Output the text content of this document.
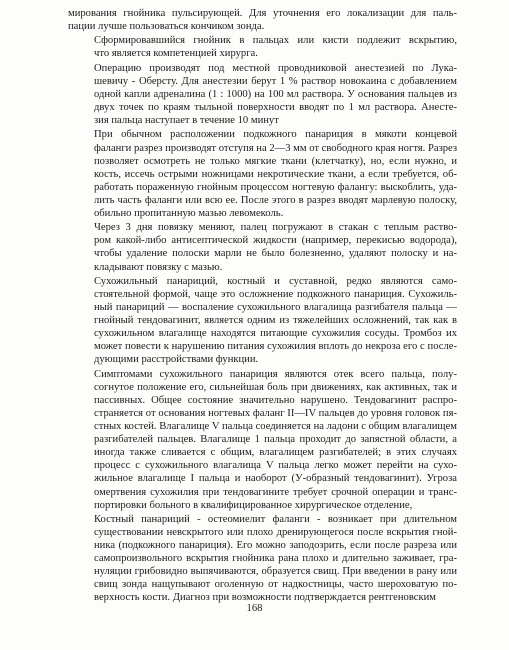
мирования гнойника пульсирующей. Для уточнения его локализации для паль-
пации лучше пользоваться кончиком зонда.
Сформировавшийся гнойник в пальцах или кисти подлежит вскрытию,
что является компетенцией хирурга.
Операцию производят под местной проводниковой анестезией по Лука-
шевичу - Оберсту. Для анестезии берут 1 % раствор новокаина с добавлением
одной капли адреналина (1 : 1000) на 100 мл раствора. У основания пальцев из
двух точек по краям тыльной поверхности вводят по 1 мл раствора. Анесте-
зия пальца наступает в течение 10 минут
При обычном расположении подкожного панариция в мякоти концевой
фаланги разрез производят отступя на 2—3 мм от свободного края ногтя. Разрез
позволяет осмотреть не только мягкие ткани (клетчатку), но, если нужно, и
кость, иссечь острыми ножницами некротические ткани, а если требуется, об-
работать пораженную гнойным процессом ногтевую фалангу: выскоблить, уда-
лить часть фаланги или всю ее. После этого в разрез вводят марлевую полоску,
обильно пропитанную мазью левомеколь.
Через 3 дня повязку меняют, палец погружают в стакан с теплым раство-
ром какой-либо антисептической жидкости (например, перекисью водорода),
чтобы удаление полоски марли не было болезненно, удаляют полоску и на-
кладывают повязку с мазью.
Сухожильный панариций, костный и суставной, редко являются само-
стоятельной формой, чаще это осложнение подкожного панариция. Сухожиль-
ный панариций — воспаление сухожильного влагалища разгибателя пальца —
гнойный тендовагинит, является одним из тяжелейших осложнений, так как в
сухожильном влагалище находятся питающие сухожилия сосуды. Тромбоз их
может повести к нарушению питания сухожилия вплоть до некроза его с после-
дующими расстройствами функции.
Симптомами сухожильного панариция являются отек всего пальца, полу-
согнутое положение его, сильнейшая боль при движениях, как активных, так и
пассивных. Общее состояние значительно нарушено. Тендовагинит распро-
страняется от основания ногтевых фаланг II—IV пальцев до уровня головок пя-
стных костей. Влагалище V пальца соединяется на ладони с общим влагалищем
разгибателей пальцев. Влагалище 1 пальца проходит до запястной области, а
иногда также сливается с общим, влагалищем разгибателей; в этих случаях
процесс с сухожильного влагалища V пальца легко может перейти на сухо-
жильное влагалище I пальца и наоборот (У-образный тендовагинит). Угроза
омертвения сухожилия при тендовагините требует срочной операции и транс-
портировки больного в квалифицированное хирургическое отделение,
Костный панариций - остеомиелит фаланги - возникает при длительном
существовании невскрытого или плохо дренирующегося после вскрытия гной-
ника (подкожного панариция). Его можно заподозрить, если после разреза или
самопроизвольного вскрытия гнойника рана плохо и длительно заживает, гра-
нуляции грибовидно выпячиваются, образуется свищ. При введении в рану или
свищ зонда нащупывают оголенную от надкостницы, часто шероховатую по-
верхность кости. Диагноз при возможности подтверждается рентгеновским
168
